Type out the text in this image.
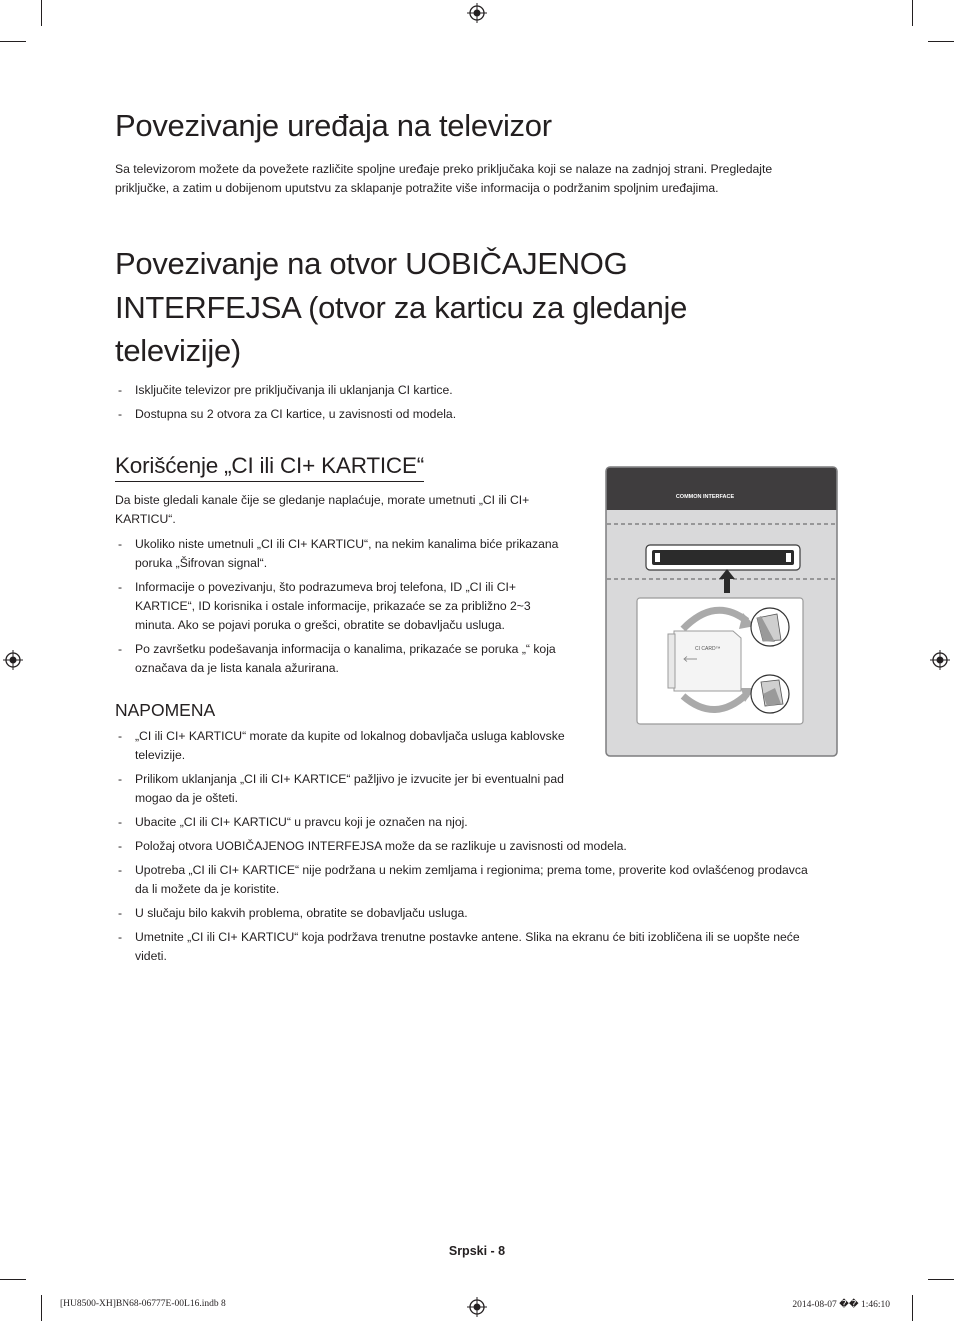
Povezivanje uređaja na televizor

Sa televizorom možete da povežete različite spoljne uređaje preko priključaka koji se nalaze na zadnjoj strani. Pregledajte priključke, a zatim u dobijenom uputstvu za sklapanje potražite više informacija o podržanim spoljnim uređajima.

Povezivanje na otvor UOBIČAJENOG INTERFEJSA (otvor za karticu za gledanje televizije)
- Isključite televizor pre priključivanja ili uklanjanja CI kartice.
- Dostupna su 2 otvora za CI kartice, u zavisnosti od modela.
Korišćenje „CI ili CI+ KARTICE“

Da biste gledali kanale čije se gledanje naplaćuje, morate umetnuti „CI ili CI+ KARTICU“.

- Ukoliko niste umetnuli „CI ili CI+ KARTICU“, na nekim kanalima biće prikazana poruka „Šifrovan signal“.
- Informacije o povezivanju, što podrazumeva broj telefona, ID „CI ili CI+ KARTICE“, ID korisnika i ostale informacije, prikazaće se za približno 2~3 minuta. Ako se pojavi poruka o grešci, obratite se dobavljaču usluga.
- Po završetku podešavanja informacija o kanalima, prikazaće se poruka „“ koja označava da je lista kanala ažurirana.
NAPOMENA
- „CI ili CI+ KARTICU“ morate da kupite od lokalnog dobavljača usluga kablovske televizije.
- Prilikom uklanjanja „CI ili CI+ KARTICE“ pažljivo je izvucite jer bi eventualni pad mogao da je ošteti.
- Ubacite „CI ili CI+ KARTICU“ u pravcu koji je označen na njoj.
- Položaj otvora UOBIČAJENOG INTERFEJSA može da se razlikuje u zavisnosti od modela.
- Upotreba „CI ili CI+ KARTICE“ nije podržana u nekim zemljama i regionima; prema tome, proverite kod ovlašćenog prodavca da li možete da je koristite.
- U slučaju bilo kakvih problema, obratite se dobavljaču usluga.
- Umetnite „CI ili CI+ KARTICU“ koja podržava trenutne postavke antene. Slika na ekranu će biti izobličena ili se uopšte neće videti.
COMMON INTERFACE
CI CARD™
Srpski - 8
[HU8500-XH]BN68-06777E-00L16.indb 8	2014-08-07 �� 1:46:10
